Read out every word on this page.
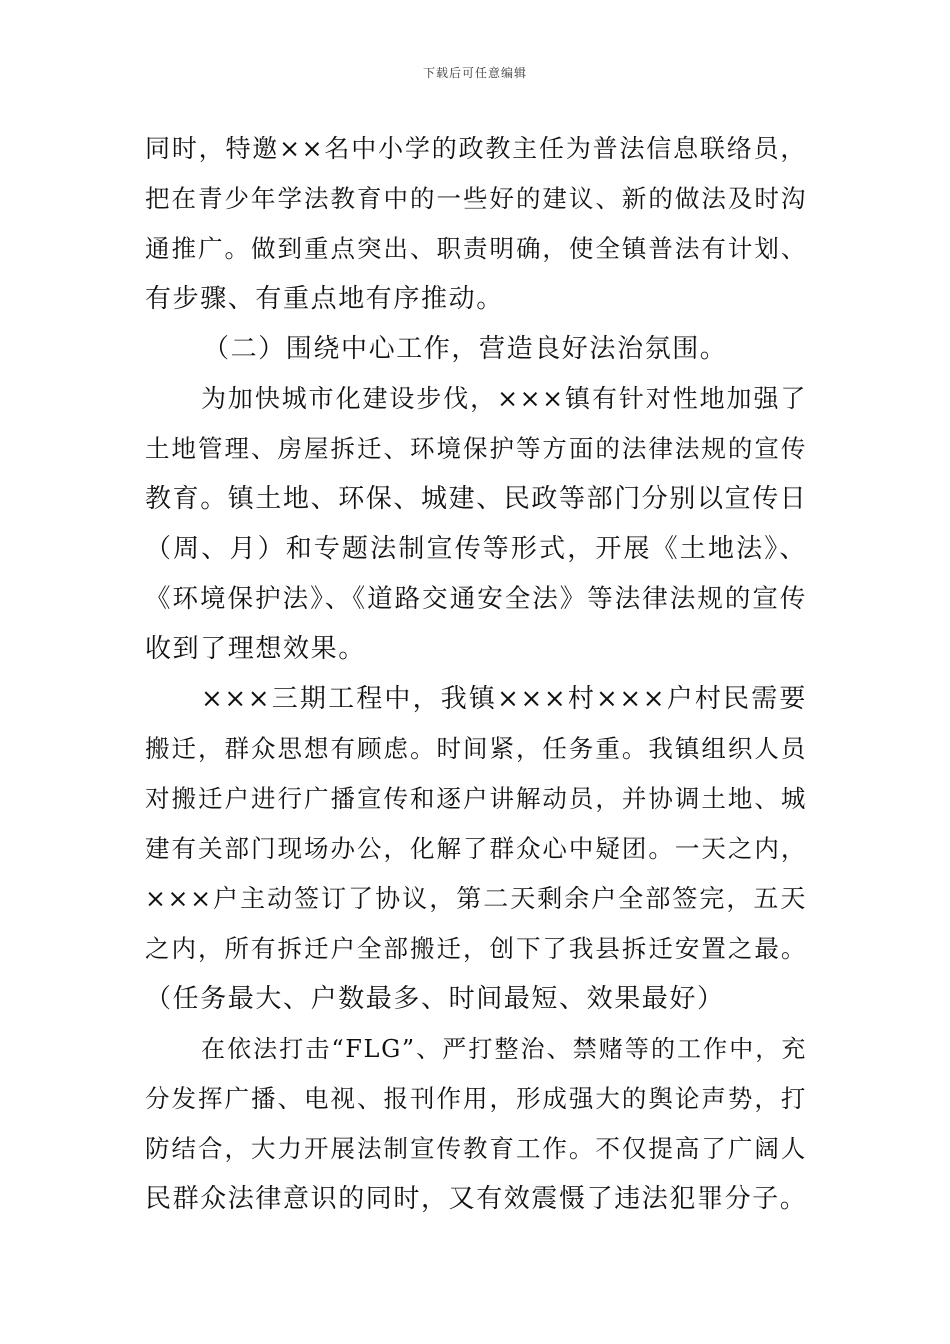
下载后可任意编辑
同时，特邀××名中小学的政教主任为普法信息联络员，
把在青少年学法教育中的一些好的建议、新的做法及时沟
通推广。做到重点突出、职责明确，使全镇普法有计划、
有步骤、有重点地有序推动。
（二）围绕中心工作，营造良好法治氛围。
为加快城市化建设步伐，×××镇有针对性地加强了
土地管理、房屋拆迁、环境保护等方面的法律法规的宣传
教育。镇土地、环保、城建、民政等部门分别以宣传日
（周、月）和专题法制宣传等形式，开展《土地法》、
《环境保护法》、《道路交通安全法》等法律法规的宣传
收到了理想效果。
×××三期工程中，我镇×××村×××户村民需要
搬迁，群众思想有顾虑。时间紧，任务重。我镇组织人员
对搬迁户进行广播宣传和逐户讲解动员，并协调土地、城
建有关部门现场办公，化解了群众心中疑团。一天之内，
×××户主动签订了协议，第二天剩余户全部签完，五天
之内，所有拆迁户全部搬迁，创下了我县拆迁安置之最。
（任务最大、户数最多、时间最短、效果最好）
在依法打击“FLG”、严打整治、禁赌等的工作中，充
分发挥广播、电视、报刊作用，形成强大的舆论声势，打
防结合，大力开展法制宣传教育工作。不仅提高了广阔人
民群众法律意识的同时，又有效震慑了违法犯罪分子。
